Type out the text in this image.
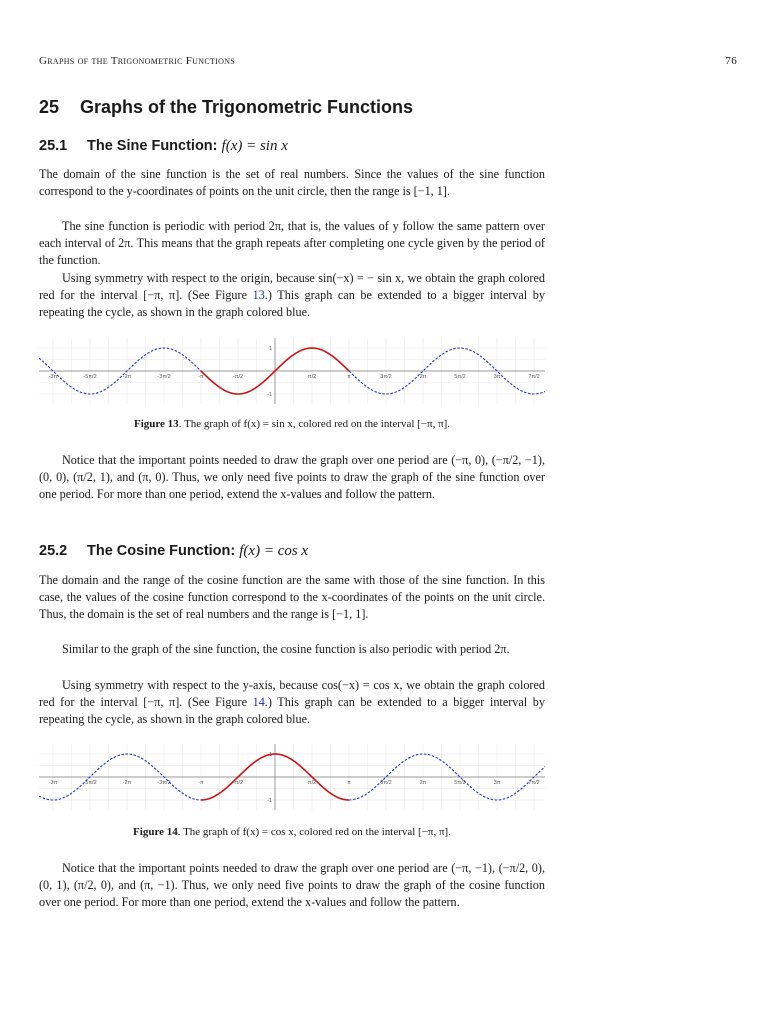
Graphs of the Trigonometric Functions	76
25 Graphs of the Trigonometric Functions
25.1 The Sine Function: f(x) = sin x

The domain of the sine function is the set of real numbers. Since the values of the sine function correspond to the y-coordinates of points on the unit circle, then the range is [−1, 1].

The sine function is periodic with period 2π, that is, the values of y follow the same pattern over each interval of 2π. This means that the graph repeats after completing one cycle given by the period of the function.

Using symmetry with respect to the origin, because sin(−x) = − sin x, we obtain the graph colored red for the interval [−π, π]. (See Figure 13.) This graph can be extended to a bigger interval by repeating the cycle, as shown in the graph colored blue.

-3π	-5π/2	-2π	-3π/2	-π	-π/2	π/2	π	3π/2	2π	5π/2	3π	7π/2
1
-1
Figure 13. The graph of f(x) = sin x, colored red on the interval [−π, π].

Notice that the important points needed to draw the graph over one period are (−π, 0), (−π/2, −1), (0, 0), (π/2, 1), and (π, 0). Thus, we only need five points to draw the graph of the sine function over one period. For more than one period, extend the x-values and follow the pattern.

25.2 The Cosine Function: f(x) = cos x

The domain and the range of the cosine function are the same with those of the sine function. In this case, the values of the cosine function correspond to the x-coordinates of the points on the unit circle. Thus, the domain is the set of real numbers and the range is [−1, 1].

Similar to the graph of the sine function, the cosine function is also periodic with period 2π.

Using symmetry with respect to the y-axis, because cos(−x) = cos x, we obtain the graph colored red for the interval [−π, π]. (See Figure 14.) This graph can be extended to a bigger interval by repeating the cycle, as shown in the graph colored blue.

-3π	-5π/2	-2π	-3π/2	-π	-π/2	π/2	π	3π/2	2π	5π/2	3π	7π/2
1
-1
Figure 14. The graph of f(x) = cos x, colored red on the interval [−π, π].

Notice that the important points needed to draw the graph over one period are (−π, −1), (−π/2, 0), (0, 1), (π/2, 0), and (π, −1). Thus, we only need five points to draw the graph of the cosine function over one period. For more than one period, extend the x-values and follow the pattern.
